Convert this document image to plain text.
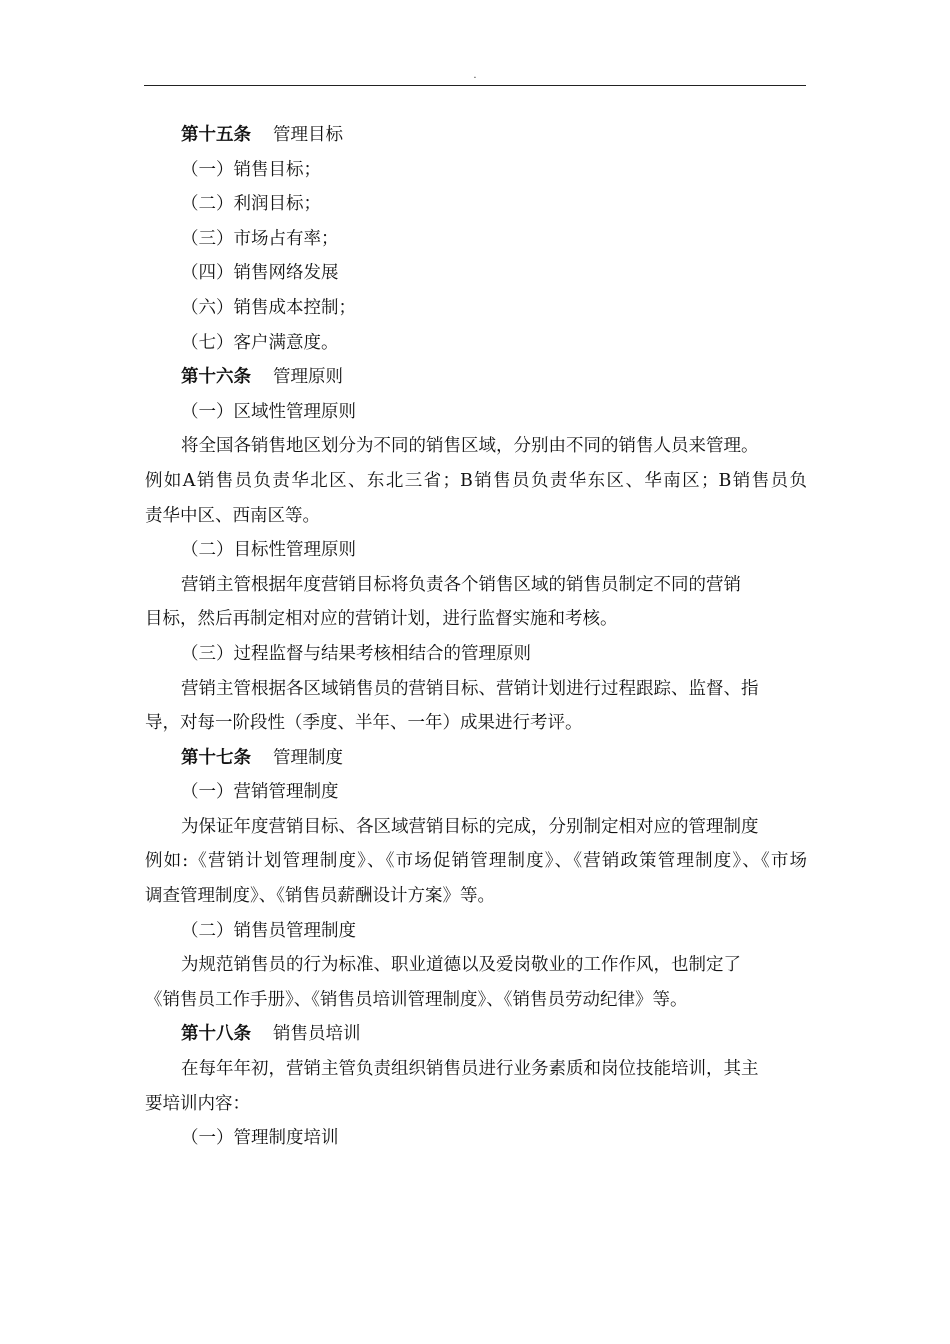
.
第十五条 管理目标
（一）销售目标；
（二）利润目标；
（三）市场占有率；
（四）销售网络发展
（六）销售成本控制；
（七）客户满意度。
第十六条 管理原则
（一）区域性管理原则
将全国各销售地区划分为不同的销售区域，分别由不同的销售人员来管理。
例如A销售员负责华北区、东北三省；B销售员负责华东区、华南区；B销售员负
责华中区、西南区等。
（二）目标性管理原则
营销主管根据年度营销目标将负责各个销售区域的销售员制定不同的营销
目标，然后再制定相对应的营销计划，进行监督实施和考核。
（三）过程监督与结果考核相结合的管理原则
营销主管根据各区域销售员的营销目标、营销计划进行过程跟踪、监督、指
导，对每一阶段性（季度、半年、一年）成果进行考评。
第十七条 管理制度
（一）营销管理制度
为保证年度营销目标、各区域营销目标的完成，分别制定相对应的管理制度
例如:《营销计划管理制度》、《市场促销管理制度》、《营销政策管理制度》、《市场
调查管理制度》、《销售员薪酬设计方案》等。
（二）销售员管理制度
为规范销售员的行为标准、职业道德以及爱岗敬业的工作作风，也制定了
《销售员工作手册》、《销售员培训管理制度》、《销售员劳动纪律》等。
第十八条 销售员培训
在每年年初，营销主管负责组织销售员进行业务素质和岗位技能培训，其主
要培训内容：
（一）管理制度培训
